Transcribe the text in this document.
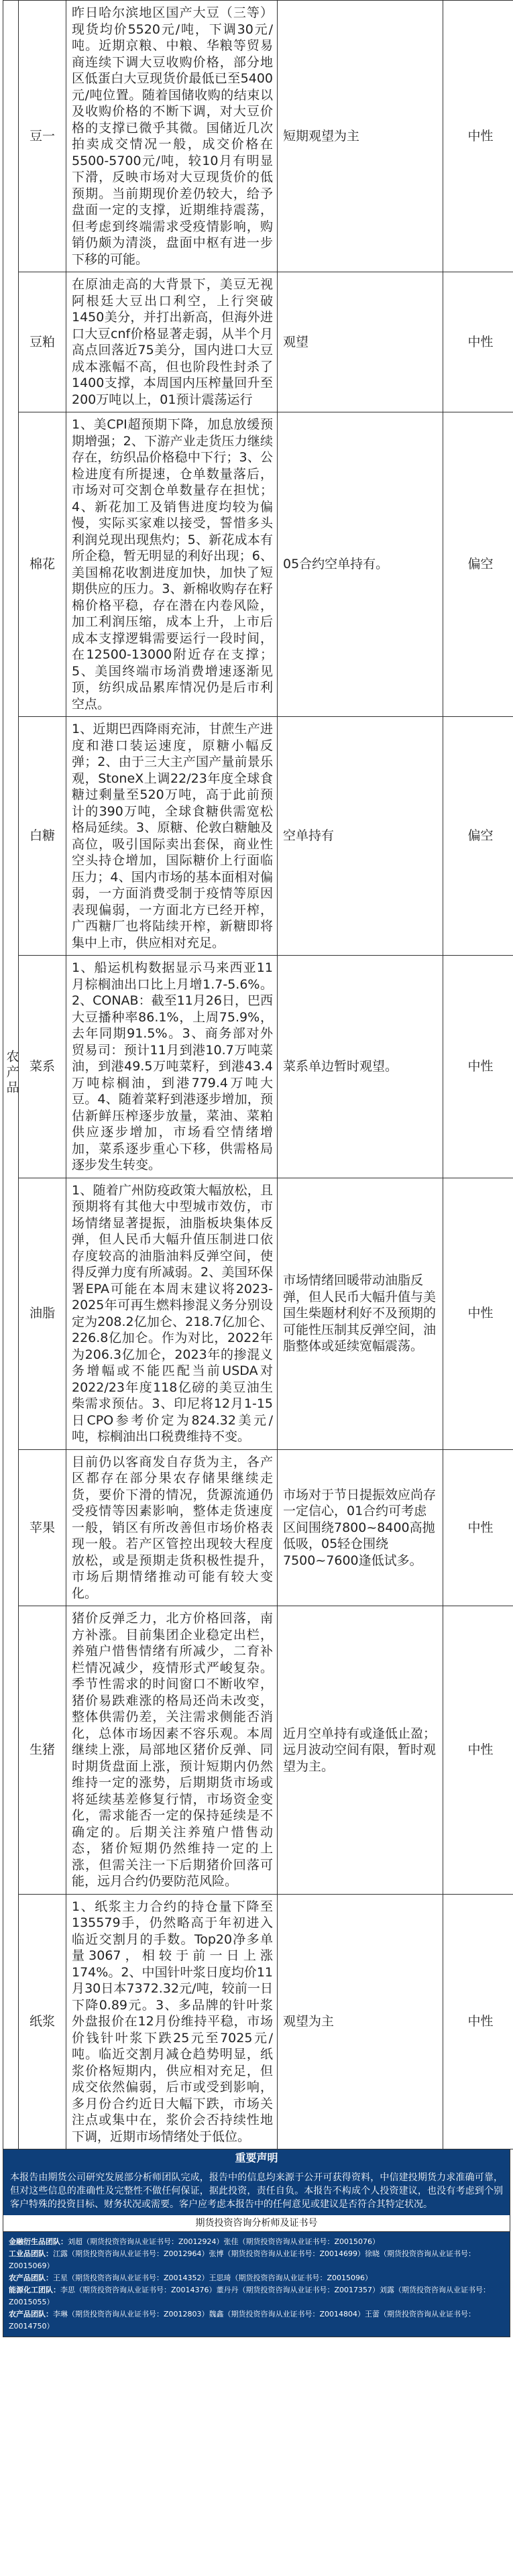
农产品	豆一	昨日哈尔滨地区国产大豆（三等）现货均价5520元/吨，下调30元/吨。近期京粮、中粮、华粮等贸易商连续下调大豆收购价格，部分地区低蛋白大豆现货价最低已至5400元/吨位置。随着国储收购的结束以及收购价格的不断下调，对大豆价格的支撑已微乎其微。国储近几次拍卖成交情况一般，成交价格在5500-5700元/吨，较10月有明显下滑，反映市场对大豆现货价的低预期。当前期现价差仍较大，给予盘面一定的支撑，近期维持震荡，但考虑到终端需求受疫情影响，购销仍颇为清淡，盘面中枢有进一步下移的可能。	短期观望为主	中性
	豆粕	在原油走高的大背景下，美豆无视阿根廷大豆出口利空，上行突破1450美分，并打出新高，但海外进口大豆cnf价格显著走弱，从半个月高点回落近75美分，国内进口大豆成本涨幅不高，但也阶段性封杀了1400支撑，本周国内压榨量回升至200万吨以上，01预计震荡运行	观望	中性
	棉花	1、美CPI超预期下降，加息放缓预期增强；2、下游产业走货压力继续存在，纺织品价格稳中下行；3、公检进度有所提速，仓单数量落后，市场对可交割仓单数量存在担忧；4、新花加工及销售进度均较为偏慢，实际买家难以接受，誓惜多头利润兑现出现焦灼；5、新花成本有所企稳，暂无明显的利好出现；6、美国棉花收割进度加快，加快了短期供应的压力。3、新棉收购存在籽棉价格平稳，存在潜在内卷风险，加工利润压缩，成本上升，上市后成本支撑逻辑需要运行一段时间，在12500-13000附近存在支撑；5、美国终端市场消费增速逐渐见顶，纺织成品累库情况仍是后市利空点。	05合约空单持有。	偏空
	白糖	1、近期巴西降雨充沛，甘蔗生产进度和港口装运速度，原糖小幅反弹；2、由于三大主产国产量前景乐观，StoneX上调22/23年度全球食糖过剩量至520万吨，高于此前预计的390万吨，全球食糖供需宽松格局延续。3、原糖、伦敦白糖触及高位，吸引国际卖出套保，商业性空头持仓增加，国际糖价上行面临压力；4、国内市场的基本面相对偏弱，一方面消费受制于疫情等原因表现偏弱，一方面北方已经开榨，广西糖厂也将陆续开榨，新糖即将集中上市，供应相对充足。	空单持有	偏空
	菜系	1、船运机构数据显示马来西亚11月棕榈油出口比上月增1.7-5.6%。2、CONAB：截至11月26日，巴西大豆播种率86.1%，上周75.9%，去年同期91.5%。3、商务部对外贸易司：预计11月到港10.7万吨菜油，到港49.5万吨菜籽，到港43.4万吨棕榈油，到港779.4万吨大豆。4、随着菜籽到港逐步增加，预估新鲜压榨逐步放量，菜油、菜粕供应逐步增加，市场看空情绪增加，菜系逐步重心下移，供需格局逐步发生转变。	菜系单边暂时观望。	中性
	油脂	1、随着广州防疫政策大幅放松，且预期将有其他大中型城市效仿，市场情绪显著提振，油脂板块集体反弹，但人民币大幅升值压制进口依存度较高的油脂油料反弹空间，使得反弹力度有所减弱。2、美国环保署EPA可能在本周末建议将2023-2025年可再生燃料掺混义务分别设定为208.2亿加仑、218.7亿加仑、226.8亿加仑。作为对比，2022年为206.3亿加仑，2023年的掺混义务增幅或不能匹配当前USDA对2022/23年度118亿磅的美豆油生柴需求预估。3、印尼将12月1-15日CPO参考价定为824.32美元/吨，棕榈油出口税费维持不变。	市场情绪回暖带动油脂反弹，但人民币大幅升值与美国生柴题材利好不及预期的可能性压制其反弹空间，油脂整体或延续宽幅震荡。	中性
	苹果	目前仍以客商发自存货为主，各产区都存在部分果农存储果继续走货，要价下滑的情况，货源流通仍受疫情等因素影响，整体走货速度一般，销区有所改善但市场价格表现一般。若产区管控出现较大程度放松，或是预期走货积极性提升，市场后期情绪推动可能有较大变化。	市场对于节日提振效应尚存一定信心，01合约可考虑区间围绕7800~8400高抛低吸，05轻仓围绕7500~7600逢低试多。	中性
	生猪	猪价反弹乏力，北方价格回落，南方补涨。目前集团企业稳定出栏，养殖户惜售情绪有所减少，二育补栏情况减少，疫情形式严峻复杂。季节性需求的时间窗口不断收窄，猪价易跌难涨的格局还尚未改变，整体供需仍差，关注需求侧能否消化，总体市场因素不容乐观。本周继续上涨，局部地区猪价反弹、同时期货盘面上涨，预计短期内仍然维持一定的涨势，后期期货市场或将延续基差修复行情，市场资金变化，需求能否一定的保持延续是不确定的。后期关注养殖户惜售动态，猪价短期仍然维持一定的上涨，但需关注一下后期猪价回落可能，远月合约仍要防范风险。	近月空单持有或逢低止盈；远月波动空间有限，暂时观望为主。	中性
	纸浆	1、纸浆主力合约的持仓量下降至135579手，仍然略高于年初进入临近交割月的手数。Top20净多单量3067，相较于前一日上涨174%。2、中国针叶浆日度均价11月30日本7372.32元/吨，较前一日下降0.89元。3、多品牌的针叶浆外盘报价在12月份维持平稳，市场价钱针叶浆下跌25元至7025元/吨。临近交割月减仓趋势明显，纸浆价格短期内，供应相对充足，但成交依然偏弱，后市或受到影响，多月份合约近日大幅下跌，市场关注点或集中在，浆价会否持续性地下调，近期市场情绪处于低位。	观望为主	中性
重要声明
本报告由期货公司研究发展部分析师团队完成，报告中的信息均来源于公开可获得资料，中信建投期货力求准确可靠，但对这些信息的准确性及完整性不做任何保证，据此投资，责任自负。本报告不构成个人投资建议，也没有考虑到个别客户特殊的投资目标、财务状况或需要。客户应考虑本报告中的任何意见或建议是否符合其特定状况。
期货投资咨询分析师及证书号
金融衍生品团队：刘超（期货投资咨询从业证书号：Z0012924）张佳（期货投资咨询从业证书号：Z0015076）
工业品团队：江露（期货投资咨询从业证书号：Z0012964）张博（期货投资咨询从业证书号：Z0014699）徐晓（期货投资咨询从业证书号：Z0015069）
农产品团队：王星（期货投资咨询从业证书号：Z0014352）王思琦（期货投资咨询从业证书号：Z0015096）
能源化工团队：李思（期货投资咨询从业证书号：Z0014376）董丹丹（期货投资咨询从业证书号：Z0017357）刘露（期货投资咨询从业证书号：Z0015055）
农产品团队：李琳（期货投资咨询从业证书号：Z0012803）魏鑫（期货投资咨询从业证书号：Z0014804）王蕾（期货投资咨询从业证书号：Z0014750）
